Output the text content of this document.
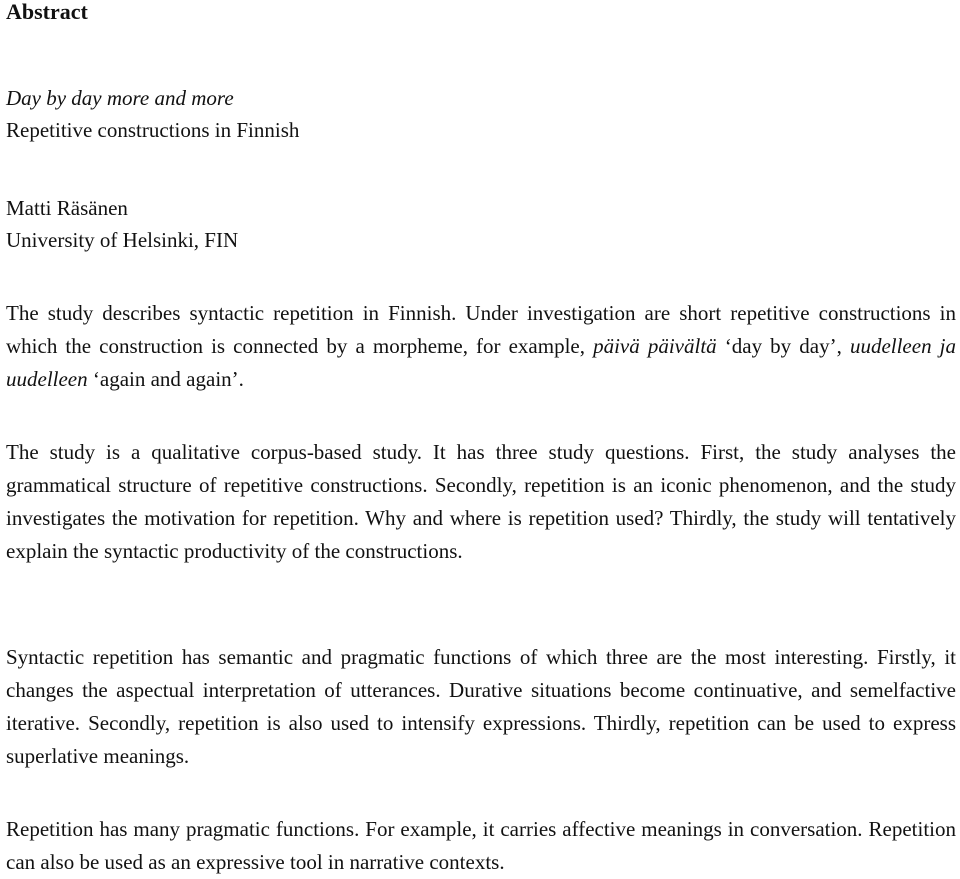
Abstract

Day by day more and more

Repetitive constructions in Finnish

Matti Räsänen

University of Helsinki, FIN

The study describes syntactic repetition in Finnish. Under investigation are short repetitive constructions in which the construction is connected by a morpheme, for example, päivä päivältä ‘day by day’, uudelleen ja uudelleen ‘again and again’.

The study is a qualitative corpus-based study. It has three study questions. First, the study analyses the grammatical structure of repetitive constructions. Secondly, repetition is an iconic phenomenon, and the study investigates the motivation for repetition. Why and where is repetition used? Thirdly, the study will tentatively explain the syntactic productivity of the constructions.

Syntactic repetition has semantic and pragmatic functions of which three are the most interesting. Firstly, it changes the aspectual interpretation of utterances. Durative situations become continuative, and semelfactive iterative. Secondly, repetition is also used to intensify expressions. Thirdly, repetition can be used to express superlative meanings.

Repetition has many pragmatic functions. For example, it carries affective meanings in conversation. Repetition can also be used as an expressive tool in narrative contexts.
